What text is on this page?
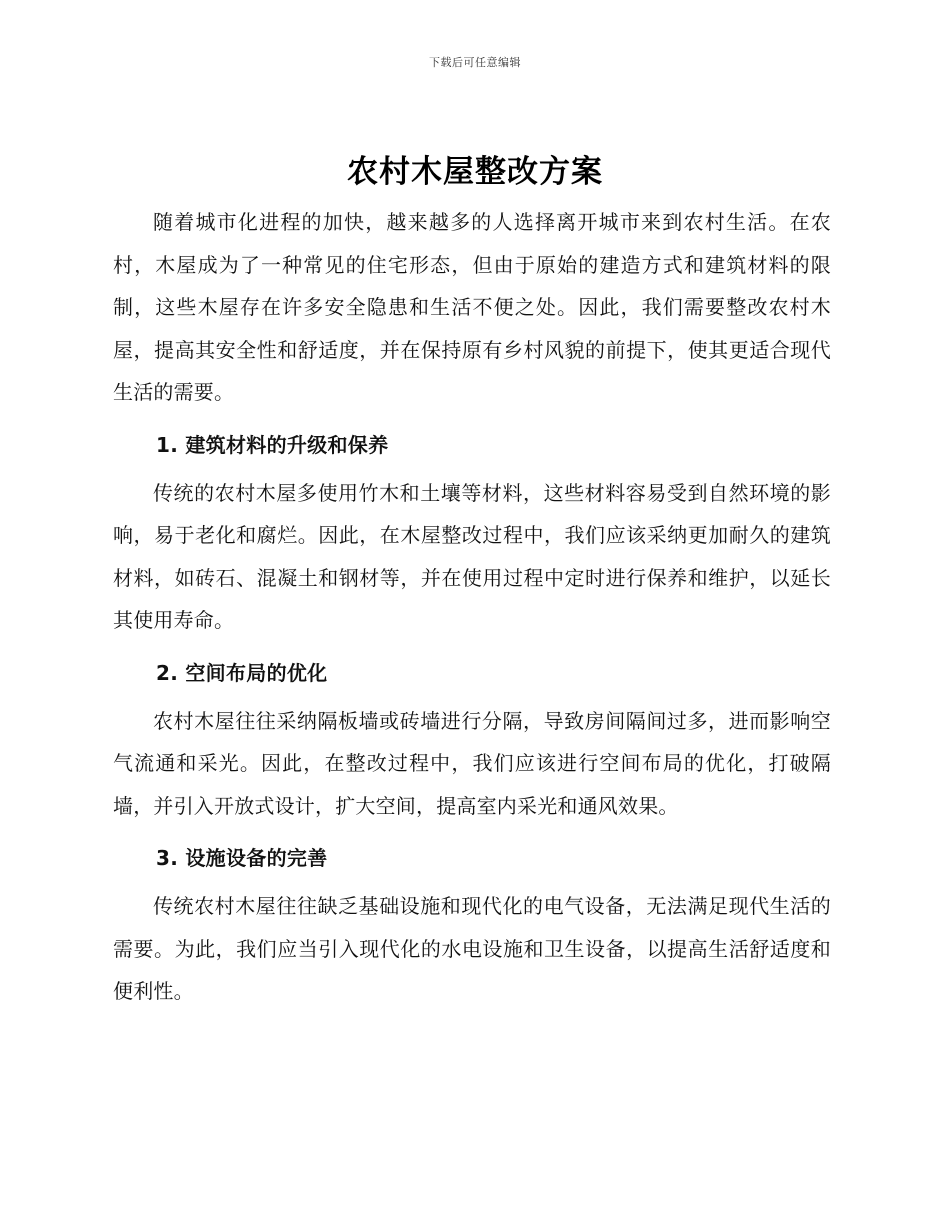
下载后可任意编辑
农村木屋整改方案

随着城市化进程的加快，越来越多的人选择离开城市来到农村生活。在农村，木屋成为了一种常见的住宅形态，但由于原始的建造方式和建筑材料的限制，这些木屋存在许多安全隐患和生活不便之处。因此，我们需要整改农村木屋，提高其安全性和舒适度，并在保持原有乡村风貌的前提下，使其更适合现代生活的需要。

1. 建筑材料的升级和保养

传统的农村木屋多使用竹木和土壤等材料，这些材料容易受到自然环境的影响，易于老化和腐烂。因此，在木屋整改过程中，我们应该采纳更加耐久的建筑材料，如砖石、混凝土和钢材等，并在使用过程中定时进行保养和维护，以延长其使用寿命。

2. 空间布局的优化

农村木屋往往采纳隔板墙或砖墙进行分隔，导致房间隔间过多，进而影响空气流通和采光。因此，在整改过程中，我们应该进行空间布局的优化，打破隔墙，并引入开放式设计，扩大空间，提高室内采光和通风效果。

3. 设施设备的完善

传统农村木屋往往缺乏基础设施和现代化的电气设备，无法满足现代生活的需要。为此，我们应当引入现代化的水电设施和卫生设备，以提高生活舒适度和便利性。
